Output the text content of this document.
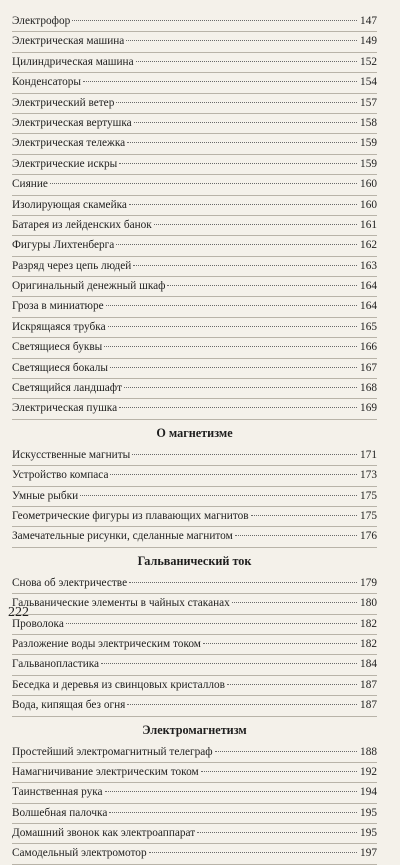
Электрофор	147
Электрическая машина	149
Цилиндрическая машина	152
Конденсаторы	154
Электрический ветер	157
Электрическая вертушка	158
Электрическая тележка	159
Электрические искры	159
Сияние	160
Изолирующая скамейка	160
Батарея из лейденских банок	161
Фигуры Лихтенберга	162
Разряд через цепь людей	163
Оригинальный денежный шкаф	164
Гроза в миниатюре	164
Искрящаяся трубка	165
Светящиеся буквы	166
Светящиеся бокалы	167
Светящийся ландшафт	168
Электрическая пушка	169
О магнетизме
Искусственные магниты	171
Устройство компаса	173
Умные рыбки	175
Геометрические фигуры из плавающих магнитов	175
Замечательные рисунки, сделанные магнитом	176
Гальванический ток
Снова об электричестве	179
Гальванические элементы в чайных стаканах	180
Проволока	182
Разложение воды электрическим током	182
Гальванопластика	184
Беседка и деревья из свинцовых кристаллов	187
Вода, кипящая без огня	187
Электромагнетизм
Простейший электромагнитный телеграф	188
Намагничивание электрическим током	192
Таинственная рука	194
Волшебная палочка	195
Домашний звонок как электроаппарат	195
Самодельный электромотор	197
222
